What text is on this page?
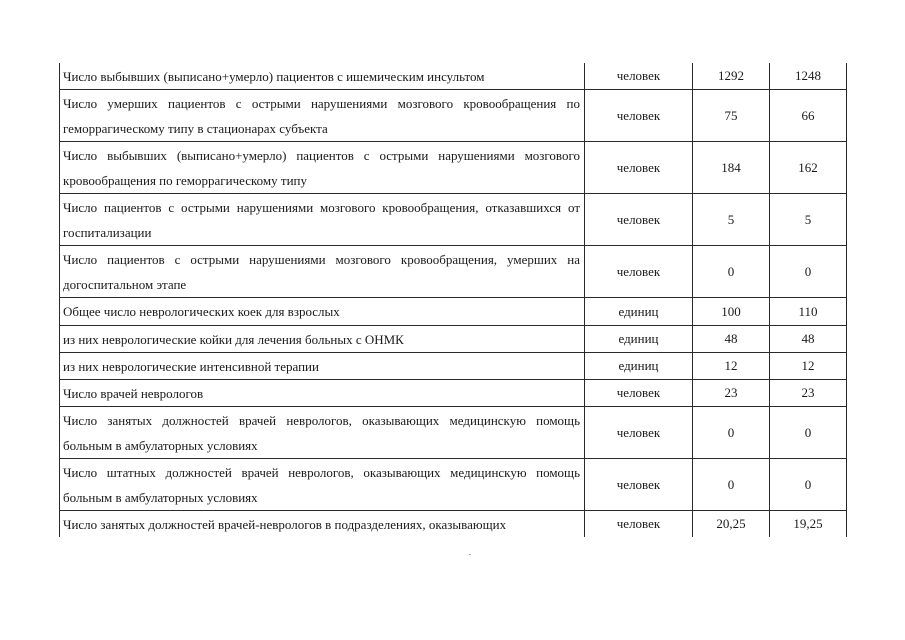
Число выбывших (выписано+умерло) пациентов с ишемическим инсультом	человек	1292	1248
Число умерших пациентов с острыми нарушениями мозгового кровообращения по геморрагическому типу в стационарах субъекта	человек	75	66
Число выбывших (выписано+умерло) пациентов с острыми нарушениями мозгового кровообращения по геморрагическому типу	человек	184	162
Число пациентов с острыми нарушениями мозгового кровообращения, отказавшихся от госпитализации	человек	5	5
Число пациентов с острыми нарушениями мозгового кровообращения, умерших на догоспитальном этапе	человек	0	0
Общее число неврологических коек для взрослых	единиц	100	110
из них неврологические койки для лечения больных с ОНМК	единиц	48	48
из них неврологические интенсивной терапии	единиц	12	12
Число врачей неврологов	человек	23	23
Число занятых должностей врачей неврологов, оказывающих медицинскую помощь больным в амбулаторных условиях	человек	0	0
Число штатных должностей врачей неврологов, оказывающих медицинскую помощь больным в амбулаторных условиях	человек	0	0
Число занятых должностей врачей-неврологов в подразделениях, оказывающих	человек	20,25	19,25
